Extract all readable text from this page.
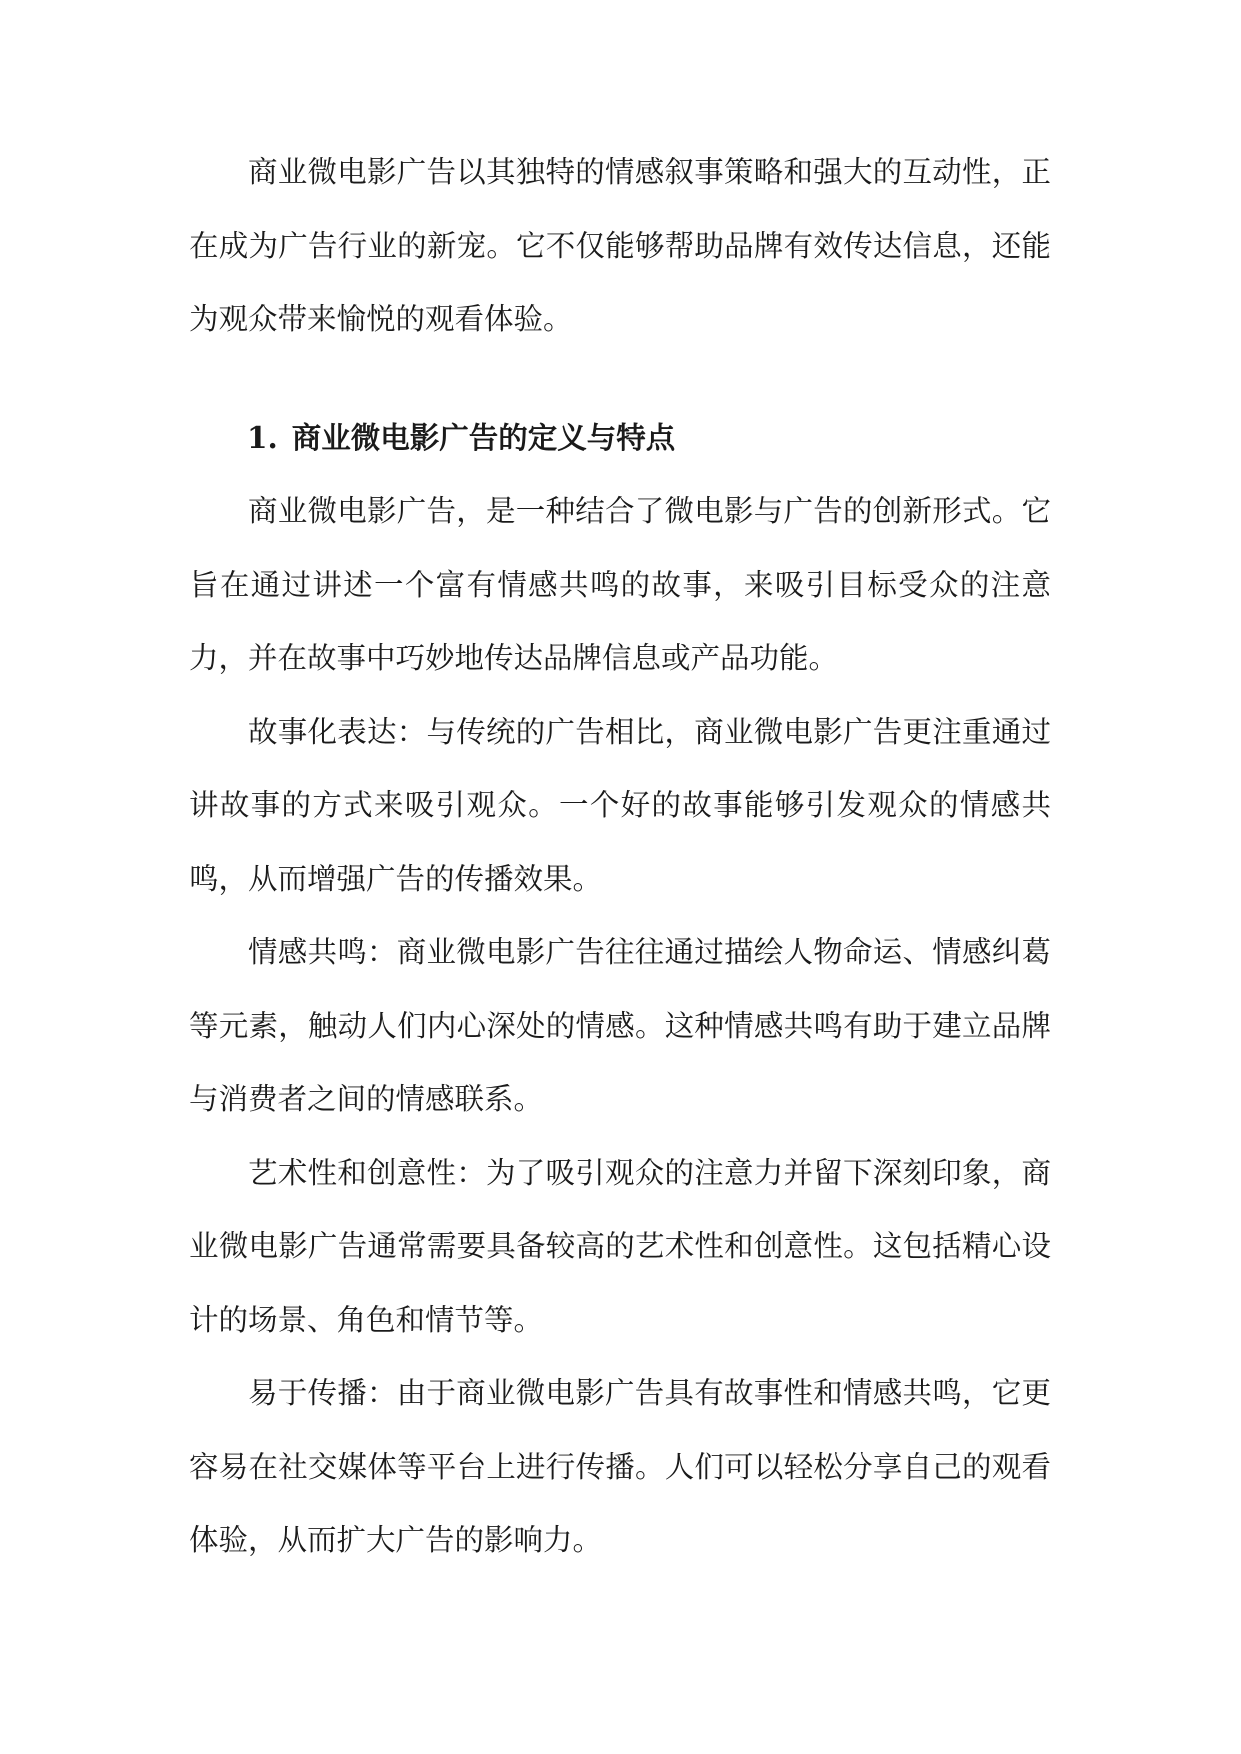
商业微电影广告以其独特的情感叙事策略和强大的互动性，正在成为广告行业的新宠。它不仅能够帮助品牌有效传达信息，还能为观众带来愉悦的观看体验。

1. 商业微电影广告的定义与特点

商业微电影广告，是一种结合了微电影与广告的创新形式。它旨在通过讲述一个富有情感共鸣的故事，来吸引目标受众的注意力，并在故事中巧妙地传达品牌信息或产品功能。

故事化表达：与传统的广告相比，商业微电影广告更注重通过讲故事的方式来吸引观众。一个好的故事能够引发观众的情感共鸣，从而增强广告的传播效果。

情感共鸣：商业微电影广告往往通过描绘人物命运、情感纠葛等元素，触动人们内心深处的情感。这种情感共鸣有助于建立品牌与消费者之间的情感联系。

艺术性和创意性：为了吸引观众的注意力并留下深刻印象，商业微电影广告通常需要具备较高的艺术性和创意性。这包括精心设计的场景、角色和情节等。

易于传播：由于商业微电影广告具有故事性和情感共鸣，它更容易在社交媒体等平台上进行传播。人们可以轻松分享自己的观看体验，从而扩大广告的影响力。
